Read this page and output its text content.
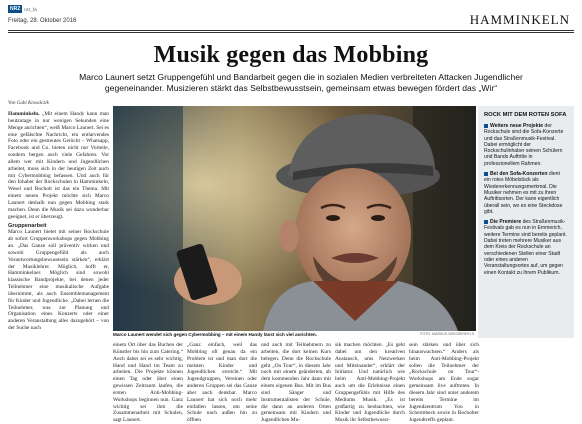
NRZ nrz_fa
Freitag, 28. Oktober 2016	HAMMINKELN
Musik gegen das Mobbing
Marco Launert setzt Gruppengefühl und Bandarbeit gegen die in sozialen Medien verbreiteten Attacken Jugendlicher gegeneinander. Musizieren stärkt das Selbstbewusstsein, gemeinsam etwas bewegen fördert das „Wir“
Von Gabi Kowalczik
Hamminkeln. „Mit einem Handy kann man heutzutage in nur wenigen Sekunden eine Menge anrichten“, weiß Marco Launert. Sei es eine gefälschte Nachricht, ein entlarvendes Foto oder ein gestreutes Gerücht – Whatsapp, Facebook und Co. bieten nicht nur Vorteile, sondern bergen auch viele Gefahren. Vor allem wer mit Kindern und Jugendlichen arbeitet, muss sich in der heutigen Zeit auch mit Cybermobbing befassen. Und auch für den Inhaber der Rockschulen in Hamminkeln, Wesel und Bocholt ist das ein Thema. Mit einem neuen Projekt möchte sich Marco Launert deshalb nun gegen Mobbing stark machen. Denn die Musik sei dazu wunderbar geeignet, ist er überzeugt.
Gruppenarbeit
Marco Launert bietet mit seiner Rockschule ab sofort Gruppenworkshops gegen Mobbing an. „Das Ganze soll präventiv wirken und sowohl Gruppengefühl als auch Verantwortungsbewusstsein stärken“, erklärt der Musiklehrer. Möglich, hofft er, Hamminkelner. Möglich sind sowohl klassische Bandprojekte, bei denen jeder Teilnehmer eine musikalische Aufgabe übernimmt, als auch Ensemblemanagement für Kinder und Jugendliche. „Dabei lernen die Teilnehmer, was zur Planung und Organisation eines Konzerts oder einer anderen Veranstaltung alles dazugehört – von der Suche nach
Marco Launert wendet sich gegen Cybermobbing – mit einem Handy lässt sich viel anrichten.	FOTO: MARKUS WEISSENFELS
ROCK MIT DEM ROTEN SOFA
Weitere neue Projekte der Rockschule sind die Sofa-Konzerte und das Straßenmusik-Festival. Dabei ermöglicht der Rockschulinhaber seinen Schülern und Bands Auftritte in professionellem Rahmen.
Bei den Sofa-Konzerten dient ein rotes Möbelstück als Wiedererkennungsmerkmal. Die Musiker nehmen es mit zu ihren Auftrittsorten. Der kann eigentlich überall sein, wo es eine Steckdose gibt.
Die Premiere des Straßenmusik-Festivals gab es nun in Emmerich, weitere Termine sind bereits geplant. Dabei treten mehrere Musiker aus dem Kreis der Rockschule an verschiedenen Stellen einer Stadt oder eines anderen Veranstaltungsortes auf, um gegen einen Kontakt zu ihrem Publikum.
einem Ort über das Buchen der Künstler bis hin zum Catering.“ Auch dabei sei es sehr wichtig, Hand und Hand im Team zu arbeiten. Die Projekte können einen Tag oder über einen gewissen Zeitraum laufen, die ersten Anti-Mobbing-Workshops beginnen nun. Ganz wichtig sei ihm die Zusammenarbeit mit Schulen, sagt Launert.
„Ganz einfach, weil das Mobbing oft genau da ein Problem ist und man dort die meisten Kinder und Jugendlichen erreicht.“ Mit Jugendgruppen, Vereinen oder anderen Gruppen sei das Ganze aber auch denkbar. Marco Launert hat sich noch mehr einfallen lassen, um seine Schule nach außen hin zu öffnen
und auch mit Teilnehmern zu arbeiten, die dort keinen Kurs belegen. Denn die Rockschule geht „On Tour“, in diesem Jahr noch mit einem geänderten, ab dem kommenden Jahr dann mit einem eigenen Bus. Mit im Bus sind Sänger und Instrumentalisten der Schule, die dann an anderen Orten gemeinsam mit Kindern und Jugendlichen Mu-
sik machen möchten. „Es geht dabei um den kreativen Austausch, ums Netzwerken und Miteinander“, erklärt der Initiator. Und natürlich wie beim Anti-Mobbing-Projekt auch um die Erlebnisse einen Gruppengefühls mit Hilfe des Mediums Musik. „Es ist großartig zu beobachten, wie Kinder und Jugendliche durch Musik ihr Selbstbewusst-
sein stärken und über sich hinauswachsen.“ Anders als beim Anti-Mobbing-Projekt sollen die Teilnehmer der „Rockschule on Tour“-Workshops am Ende sogar gemeinsam live auftreten. In diesem Jahr sind unter anderem bereits Termine im Jugendzentrum You in Schermbeck sowie in Bocholter Jugendtreffs geplant.
